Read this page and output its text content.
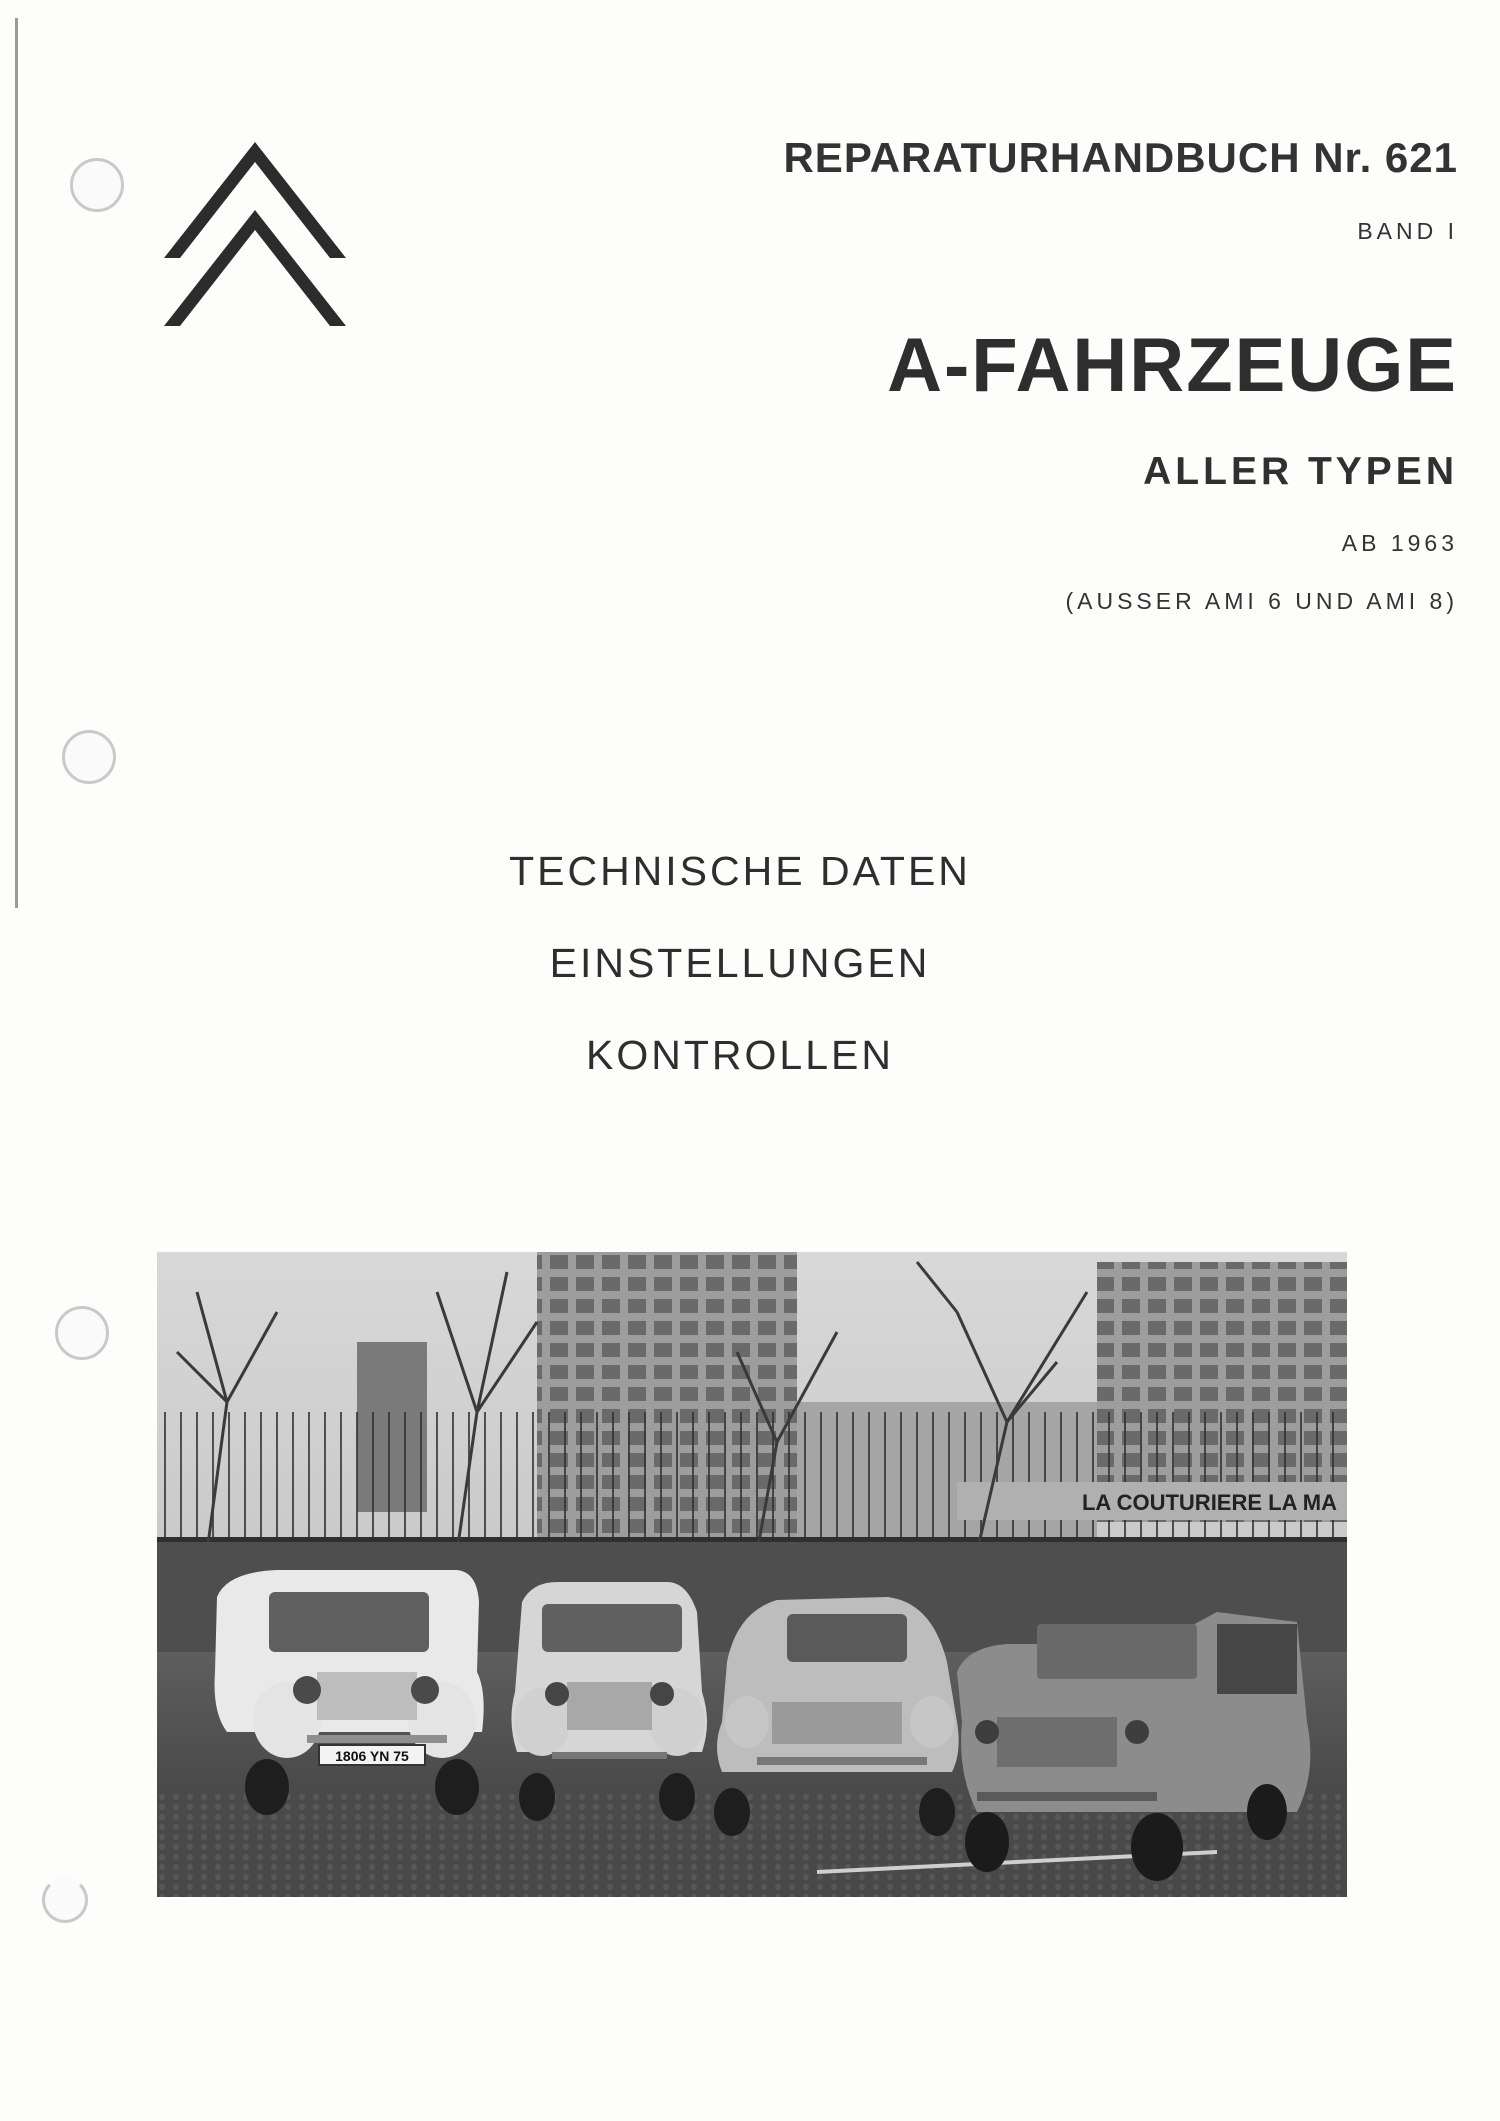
REPARATURHANDBUCH Nr. 621
BAND I
A-FAHRZEUGE
ALLER TYPEN
AB 1963
(AUSSER AMI 6 UND AMI 8)
TECHNISCHE DATEN
EINSTELLUNGEN
KONTROLLEN
LA COUTURIERE LA MA
1806 YN 75
